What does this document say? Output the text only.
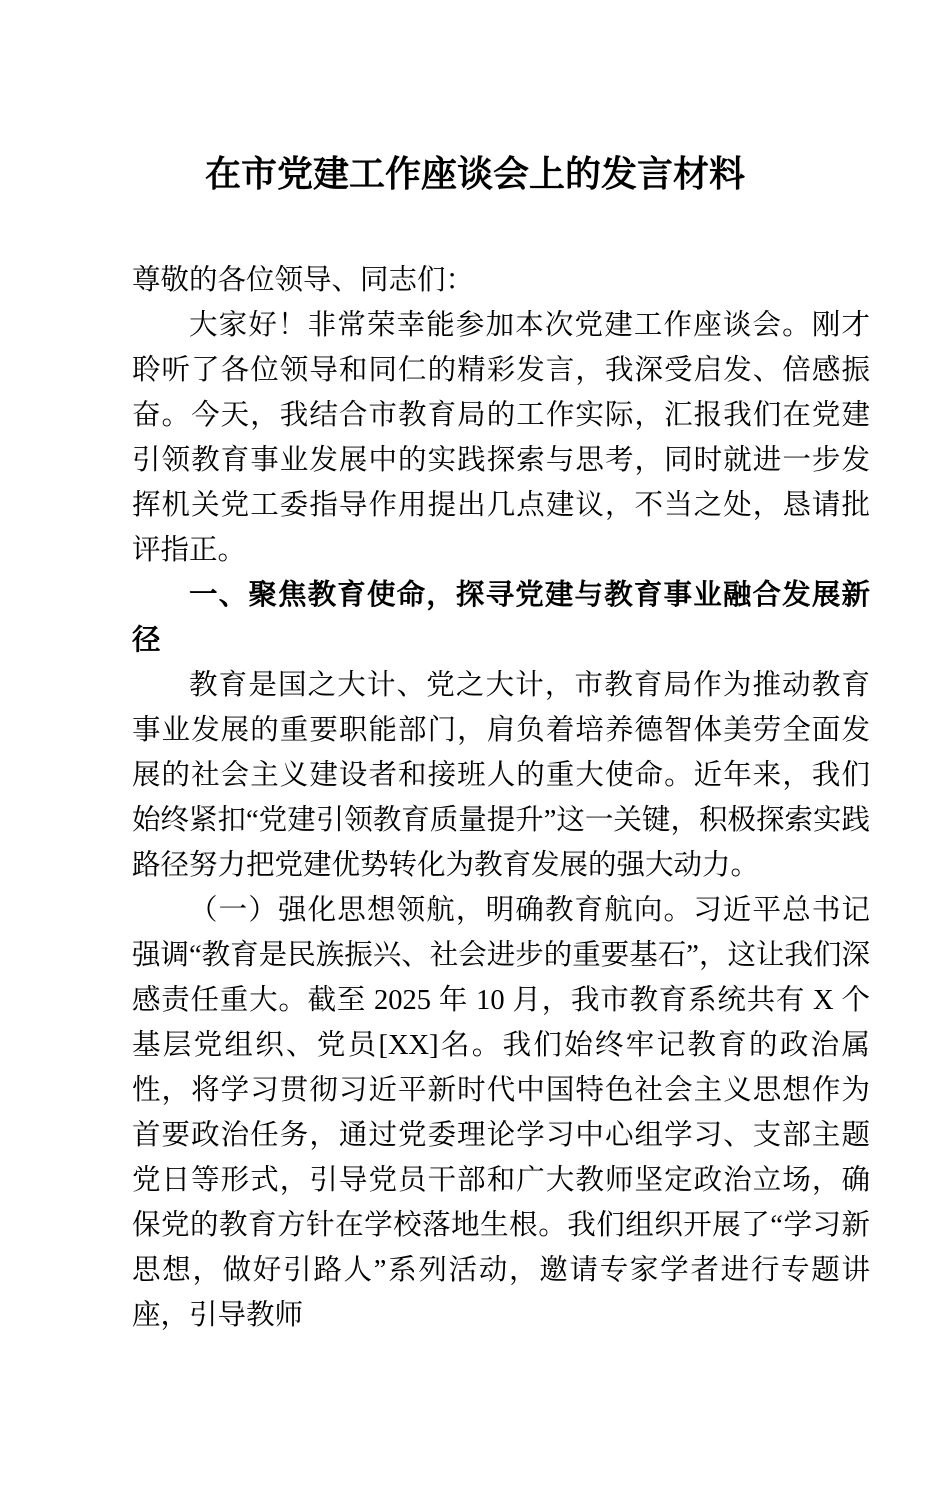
在市党建工作座谈会上的发言材料

尊敬的各位领导、同志们：

大家好！非常荣幸能参加本次党建工作座谈会。刚才聆听了各位领导和同仁的精彩发言，我深受启发、倍感振奋。今天，我结合市教育局的工作实际，汇报我们在党建引领教育事业发展中的实践探索与思考，同时就进一步发挥机关党工委指导作用提出几点建议，不当之处，恳请批评指正。

一、聚焦教育使命，探寻党建与教育事业融合发展新径

教育是国之大计、党之大计，市教育局作为推动教育事业发展的重要职能部门，肩负着培养德智体美劳全面发展的社会主义建设者和接班人的重大使命。近年来，我们始终紧扣“党建引领教育质量提升”这一关键，积极探索实践路径努力把党建优势转化为教育发展的强大动力。

（一）强化思想领航，明确教育航向。习近平总书记强调“教育是民族振兴、社会进步的重要基石”，这让我们深感责任重大。截至 2025 年 10 月，我市教育系统共有 X 个基层党组织、党员[XX]名。我们始终牢记教育的政治属性，将学习贯彻习近平新时代中国特色社会主义思想作为首要政治任务，通过党委理论学习中心组学习、支部主题党日等形式，引导党员干部和广大教师坚定政治立场，确保党的教育方针在学校落地生根。我们组织开展了“学习新思想，做好引路人”系列活动，邀请专家学者进行专题讲座，引导教师
